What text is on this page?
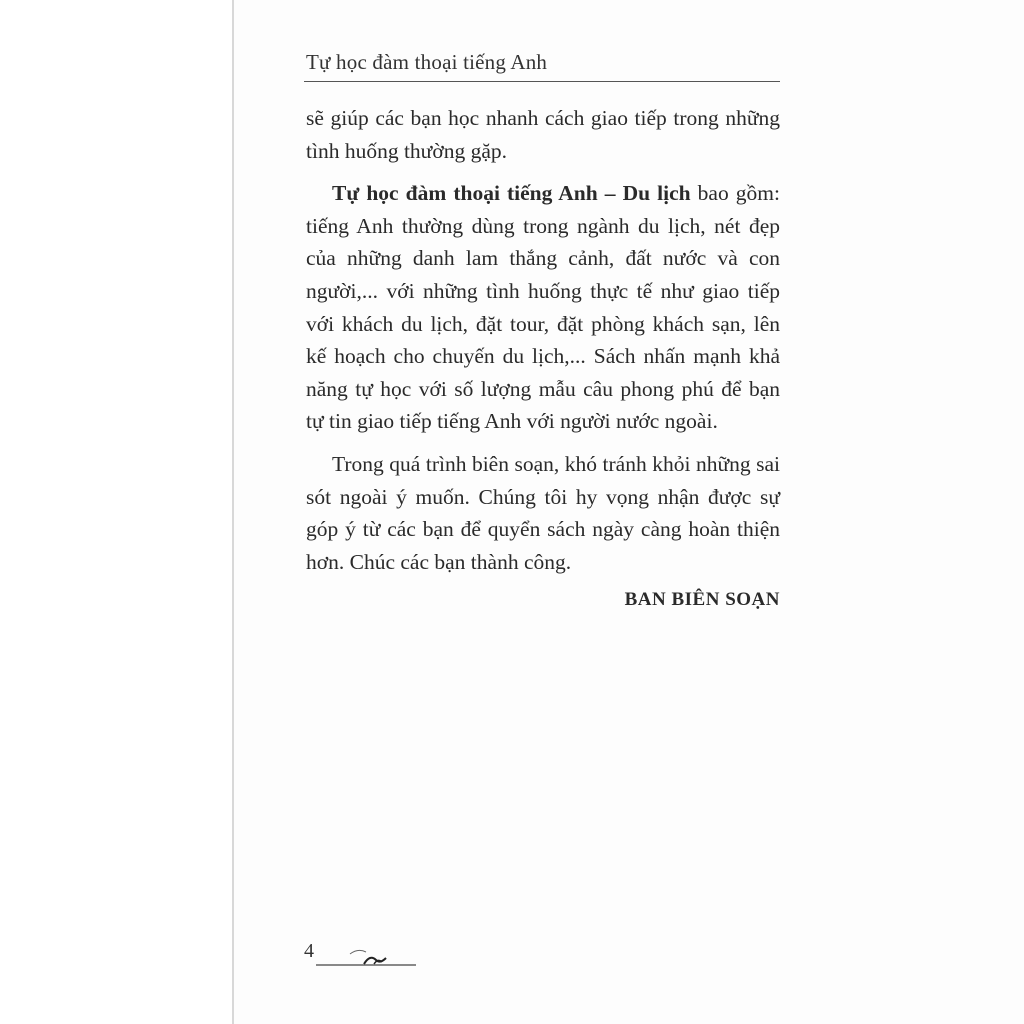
Tự học đàm thoại tiếng Anh

sẽ giúp các bạn học nhanh cách giao tiếp trong những tình huống thường gặp.

Tự học đàm thoại tiếng Anh – Du lịch bao gồm: tiếng Anh thường dùng trong ngành du lịch, nét đẹp của những danh lam thắng cảnh, đất nước và con người,... với những tình huống thực tế như giao tiếp với khách du lịch, đặt tour, đặt phòng khách sạn, lên kế hoạch cho chuyến du lịch,... Sách nhấn mạnh khả năng tự học với số lượng mẫu câu phong phú để bạn tự tin giao tiếp tiếng Anh với người nước ngoài.

Trong quá trình biên soạn, khó tránh khỏi những sai sót ngoài ý muốn. Chúng tôi hy vọng nhận được sự góp ý từ các bạn để quyển sách ngày càng hoàn thiện hơn. Chúc các bạn thành công.

BAN BIÊN SOẠN
4
